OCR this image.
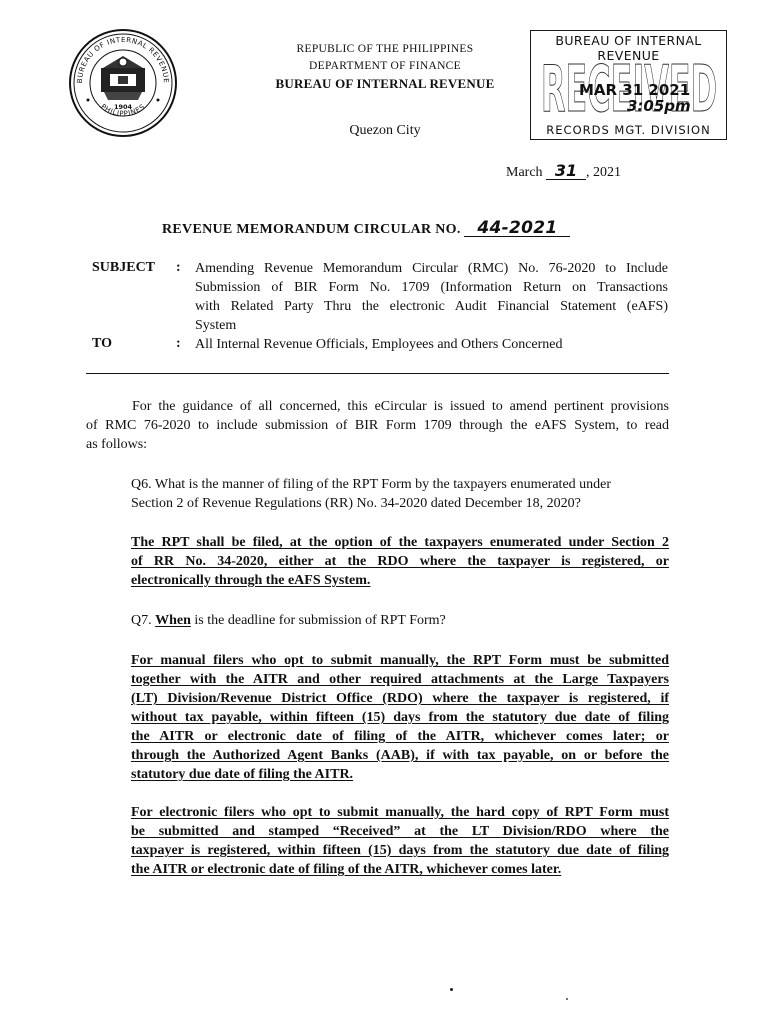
BUREAU OF INTERNAL REVENUE
PHILIPPINES
1904
REPUBLIC OF THE PHILIPPINES
DEPARTMENT OF FINANCE
BUREAU OF INTERNAL REVENUE
Quezon City
BUREAU OF INTERNAL REVENUE
RECEIVED
MAR 31 2021
3:05pm
RECORDS MGT. DIVISION
March 31 , 2021
REVENUE MEMORANDUM CIRCULAR NO. 44-2021
SUBJECT : Amending Revenue Memorandum Circular (RMC) No. 76-2020 to Include
Submission of BIR Form No. 1709 (Information Return on Transactions
with Related Party Thru the electronic Audit Financial Statement (eAFS)
System
TO	: All Internal Revenue Officials, Employees and Others Concerned
For the guidance of all concerned, this eCircular is issued to amend pertinent provisions
of RMC 76-2020 to include submission of BIR Form 1709 through the eAFS System, to read
as follows:
Q6. What is the manner of filing of the RPT Form by the taxpayers enumerated under
Section 2 of Revenue Regulations (RR) No. 34-2020 dated December 18, 2020?
The RPT shall be filed, at the option of the taxpayers enumerated under Section 2
of RR No. 34-2020, either at the RDO where the taxpayer is registered, or
electronically through the eAFS System.
Q7. When is the deadline for submission of RPT Form?
For manual filers who opt to submit manually, the RPT Form must be submitted
together with the AITR and other required attachments at the Large Taxpayers
(LT) Division/Revenue District Office (RDO) where the taxpayer is registered, if
without tax payable, within fifteen (15) days from the statutory due date of filing
the AITR or electronic date of filing of the AITR, whichever comes later; or
through the Authorized Agent Banks (AAB), if with tax payable, on or before the
statutory due date of filing the AITR.
For electronic filers who opt to submit manually, the hard copy of RPT Form must
be submitted and stamped “Received” at the LT Division/RDO where the
taxpayer is registered, within fifteen (15) days from the statutory due date of filing
the AITR or electronic date of filing of the AITR, whichever comes later.
